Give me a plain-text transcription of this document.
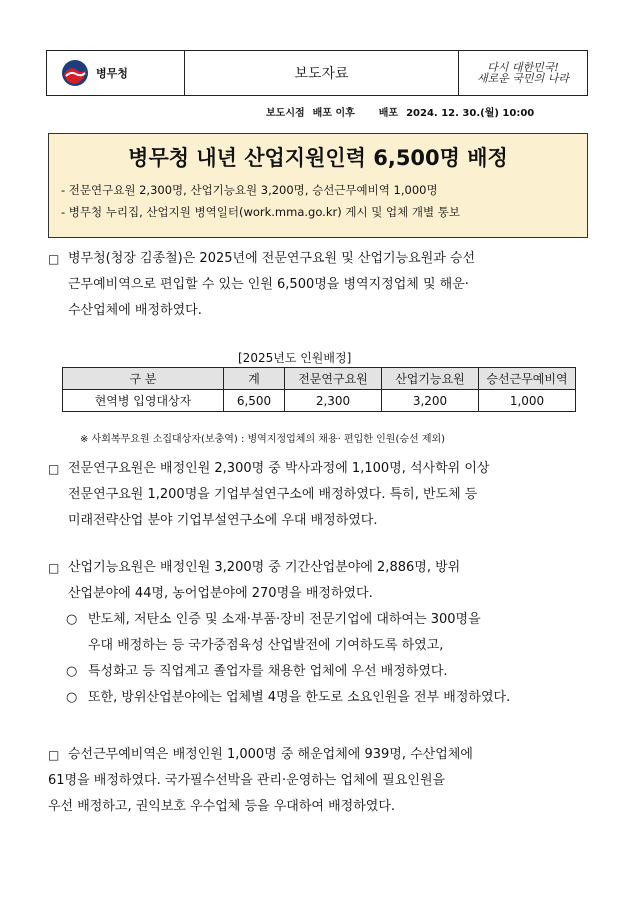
병무청	보도자료	다시 대한민국!
새로운 국민의 나라
보도시점 배포 이후 배포 2024. 12. 30.(월) 10:00
병무청 내년 산업지원인력 6,500명 배정
- 전문연구요원 2,300명, 산업기능요원 3,200명, 승선근무예비역 1,000명
- 병무청 누리집, 산업지원 병역일터(work.mma.go.kr) 게시 및 업체 개별 통보
□ 병무청(청장 김종철)은 2025년에 전문연구요원 및 산업기능요원과 승선
근무예비역으로 편입할 수 있는 인원 6,500명을 병역지정업체 및 해운·
수산업체에 배정하였다.
[2025년도 인원배정]
구 분	계	전문연구요원	산업기능요원	승선근무예비역
현역병 입영대상자	6,500	2,300	3,200	1,000
※ 사회복무요원 소집대상자(보충역) : 병역지정업체의 채용· 편입한 인원(승선 제외)
□ 전문연구요원은 배정인원 2,300명 중 박사과정에 1,100명, 석사학위 이상
전문연구요원 1,200명을 기업부설연구소에 배정하였다. 특히, 반도체 등
미래전략산업 분야 기업부설연구소에 우대 배정하였다.
□ 산업기능요원은 배정인원 3,200명 중 기간산업분야에 2,886명, 방위
산업분야에 44명, 농어업분야에 270명을 배정하였다.
○ 반도체, 저탄소 인증 및 소재·부품·장비 전문기업에 대하여는 300명을
우대 배정하는 등 국가중점육성 산업발전에 기여하도록 하였고,
○ 특성화고 등 직업계고 졸업자를 채용한 업체에 우선 배정하였다.
○ 또한, 방위산업분야에는 업체별 4명을 한도로 소요인원을 전부 배정하였다.
□ 승선근무예비역은 배정인원 1,000명 중 해운업체에 939명, 수산업체에
61명을 배정하였다. 국가필수선박을 관리·운영하는 업체에 필요인원을
우선 배정하고, 권익보호 우수업체 등을 우대하여 배정하였다.
